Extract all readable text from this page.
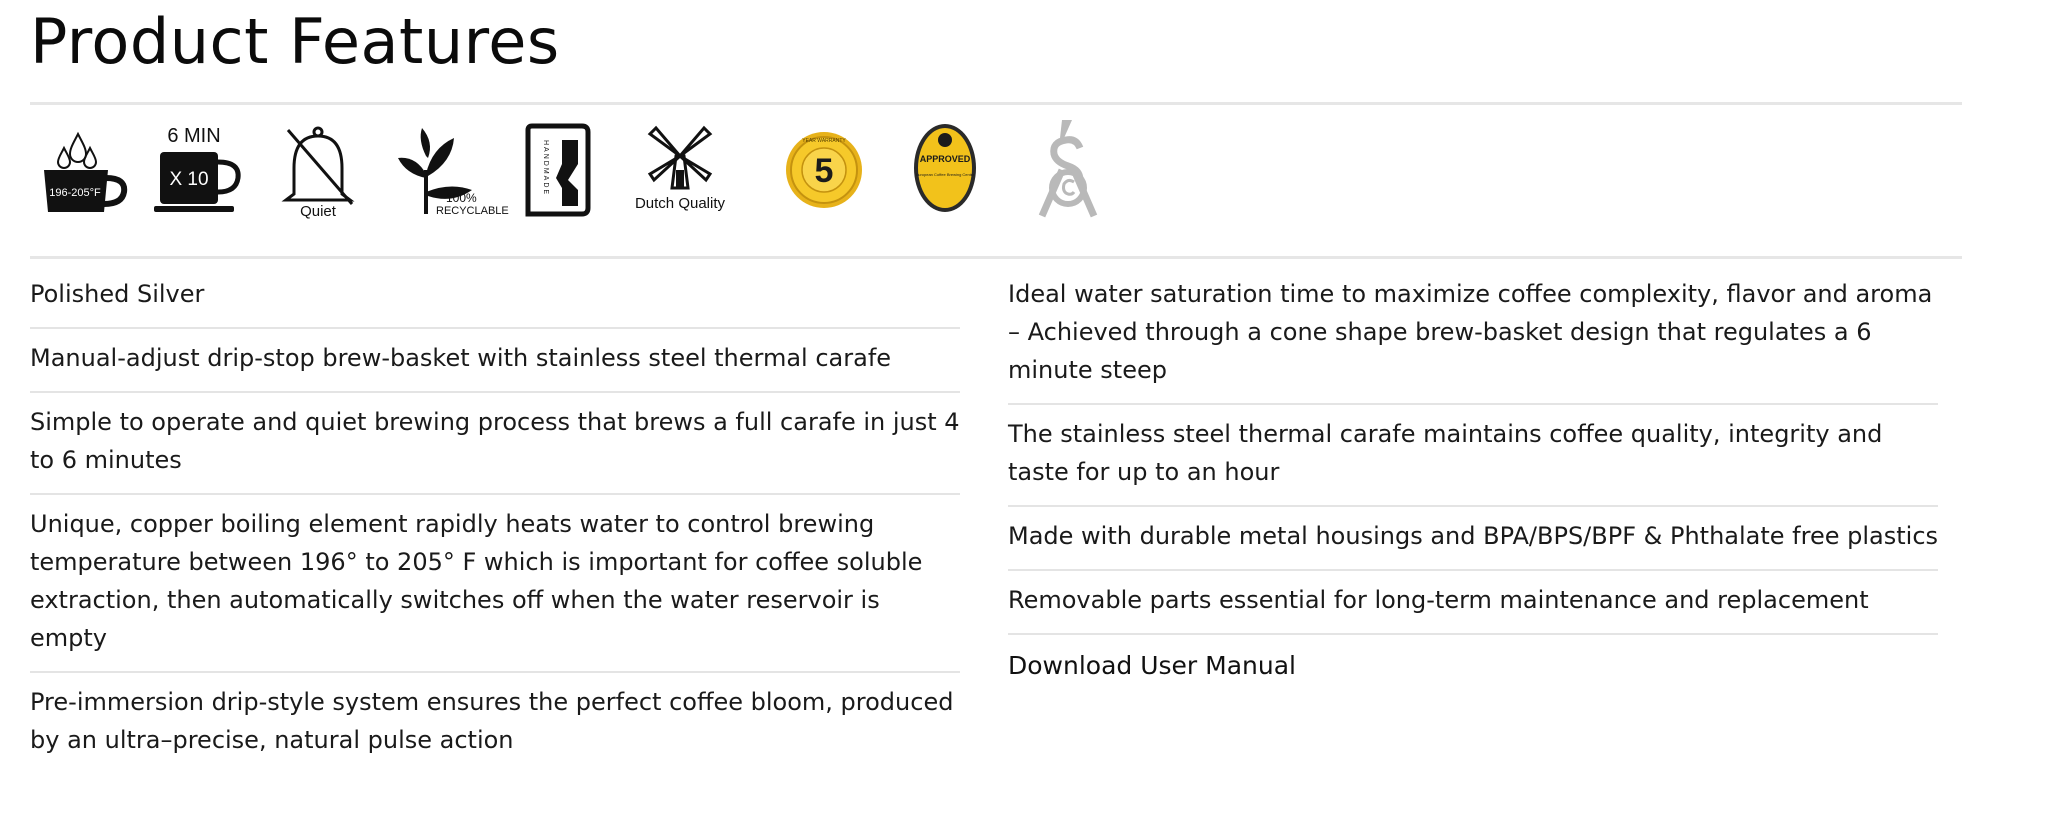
Product Features
196-205°F
6 MIN
X 10
Quiet
100%
RECYCLABLE
HANDMADE
Dutch Quality
5
YEAR WARRANTY
APPROVED
European Coffee Brewing Centre
Polished Silver
Manual-adjust drip-stop brew-basket with stainless steel thermal carafe
Simple to operate and quiet brewing process that brews a full carafe in just 4 to 6 minutes
Unique, copper boiling element rapidly heats water to control brewing temperature between 196° to 205° F which is important for coffee soluble extraction, then automatically switches off when the water reservoir is empty
Pre-immersion drip-style system ensures the perfect coffee bloom, produced by an ultra–precise, natural pulse action
Ideal water saturation time to maximize coffee complexity, flavor and aroma – Achieved through a cone shape brew-basket design that regulates a 6 minute steep
The stainless steel thermal carafe maintains coffee quality, integrity and taste for up to an hour
Made with durable metal housings and BPA/BPS/BPF & Phthalate free plastics
Removable parts essential for long-term maintenance and replacement
Download User Manual
